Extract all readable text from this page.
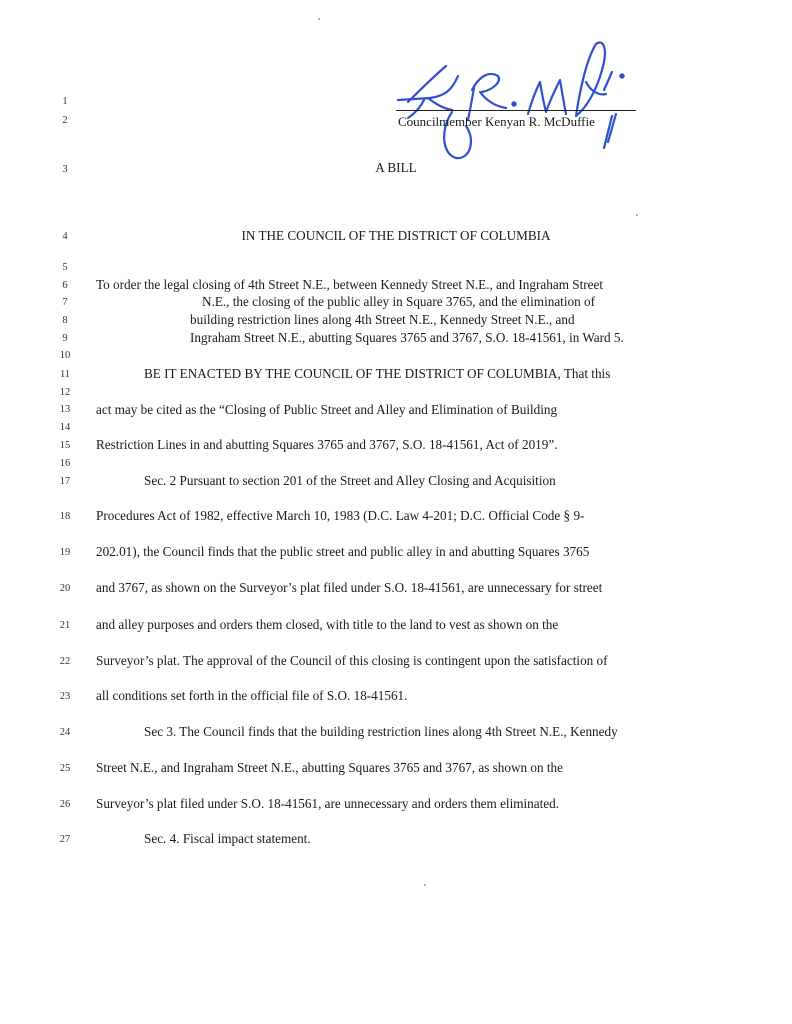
Councilmember Kenyan R. McDuffie
1
2
3
4
5
6
7
8
9
10
11
12
13
14
15
16
17
18
19
20
21
22
23
24
25
26
27
A BILL
IN THE COUNCIL OF THE DISTRICT OF COLUMBIA
To order the legal closing of 4th Street N.E., between Kennedy Street N.E., and Ingraham Street
N.E., the closing of the public alley in Square 3765, and the elimination of
building restriction lines along 4th Street N.E., Kennedy Street N.E., and
Ingraham Street N.E., abutting Squares 3765 and 3767, S.O. 18-41561, in Ward 5.
BE IT ENACTED BY THE COUNCIL OF THE DISTRICT OF COLUMBIA, That this
act may be cited as the “Closing of Public Street and Alley and Elimination of Building
Restriction Lines in and abutting Squares 3765 and 3767, S.O. 18-41561, Act of 2019”.
Sec. 2 Pursuant to section 201 of the Street and Alley Closing and Acquisition
Procedures Act of 1982, effective March 10, 1983 (D.C. Law 4-201; D.C. Official Code § 9-
202.01), the Council finds that the public street and public alley in and abutting Squares 3765
and 3767, as shown on the Surveyor’s plat filed under S.O. 18-41561, are unnecessary for street
and alley purposes and orders them closed, with title to the land to vest as shown on the
Surveyor’s plat. The approval of the Council of this closing is contingent upon the satisfaction of
all conditions set forth in the official file of S.O. 18-41561.
Sec 3. The Council finds that the building restriction lines along 4th Street N.E., Kennedy
Street N.E., and Ingraham Street N.E., abutting Squares 3765 and 3767, as shown on the
Surveyor’s plat filed under S.O. 18-41561, are unnecessary and orders them eliminated.
Sec. 4. Fiscal impact statement.
